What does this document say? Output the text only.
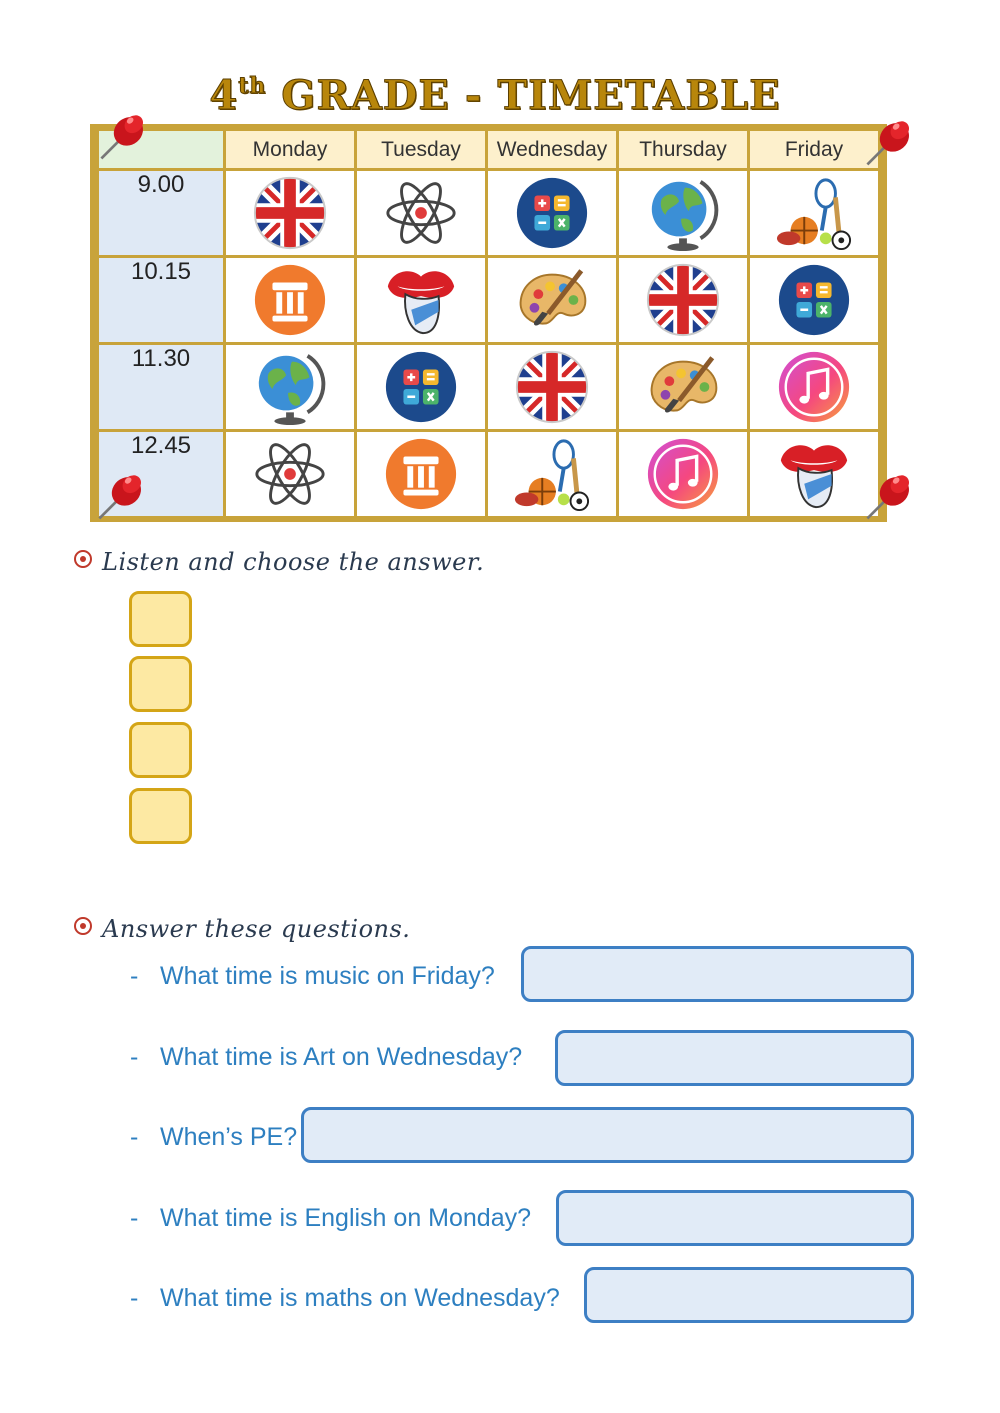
4th GRADE - TIMETABLE
	Monday	Tuesday	Wednesday	Thursday	Friday
9.00	

10.15	

11.30	

12.45	

Listen and choose the answer.
Answer these questions.
- What time is music on Friday?
- What time is Art on Wednesday?
- When’s PE?
- What time is English on Monday?
- What time is maths on Wednesday?
